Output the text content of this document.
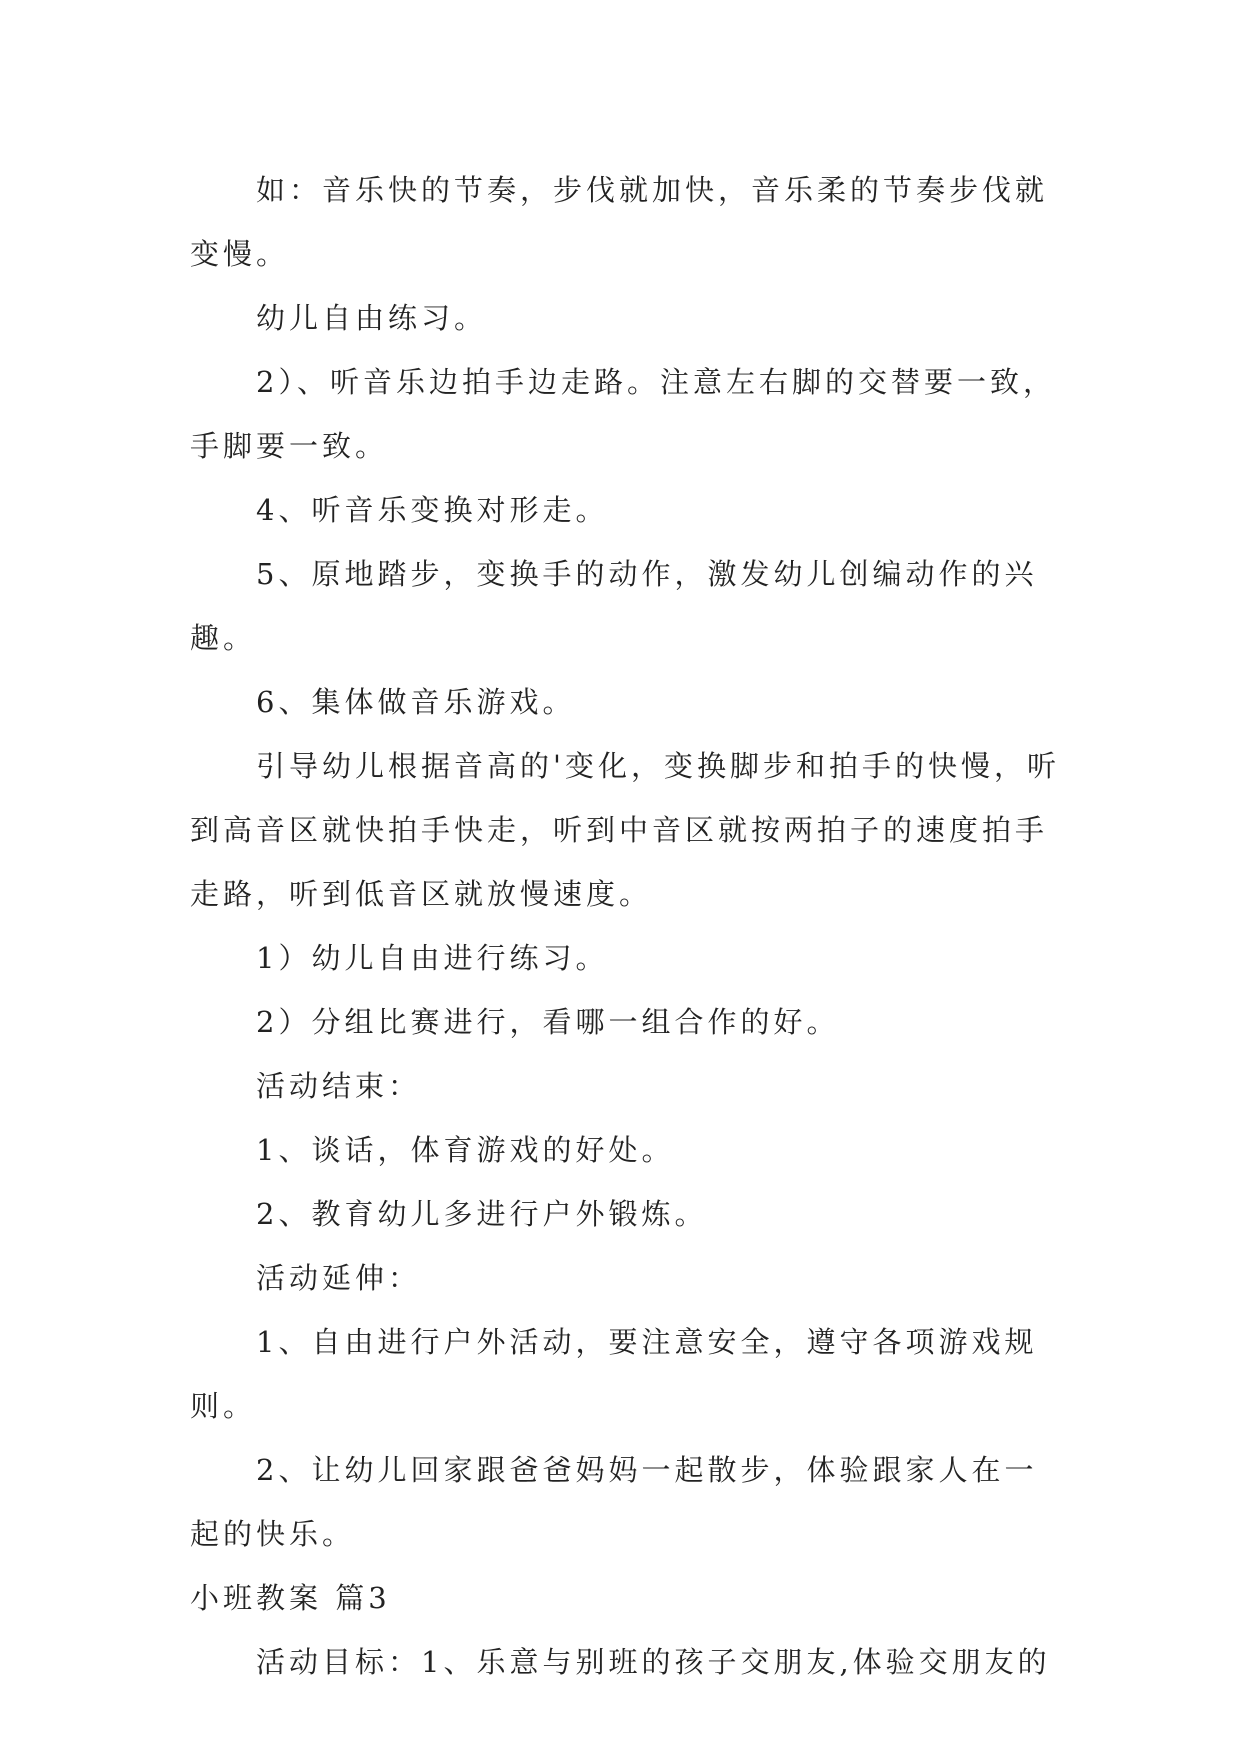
如：音乐快的节奏，步伐就加快，音乐柔的节奏步伐就变慢。

幼儿自由练习。

2）、听音乐边拍手边走路。注意左右脚的交替要一致，手脚要一致。

4、听音乐变换对形走。

5、原地踏步，变换手的动作，激发幼儿创编动作的兴趣。

6、集体做音乐游戏。

引导幼儿根据音高的'变化，变换脚步和拍手的快慢，听到高音区就快拍手快走，听到中音区就按两拍子的速度拍手走路，听到低音区就放慢速度。

1）幼儿自由进行练习。

2）分组比赛进行，看哪一组合作的好。

活动结束：

1、谈话，体育游戏的好处。

2、教育幼儿多进行户外锻炼。

活动延伸：

1、自由进行户外活动，要注意安全，遵守各项游戏规则。

2、让幼儿回家跟爸爸妈妈一起散步，体验跟家人在一起的快乐。

小班教案 篇3

活动目标：1、乐意与别班的孩子交朋友,体验交朋友的
